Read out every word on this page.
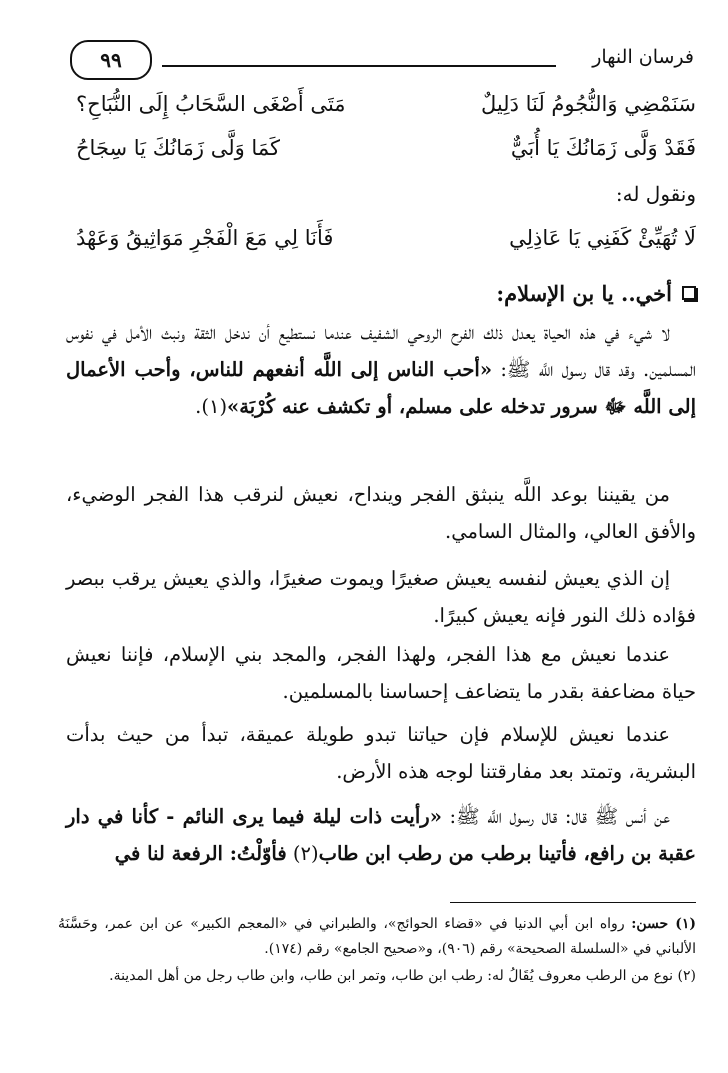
٩٩	فرسان النهار
سَنَمْضِي وَالنُّجُومُ لَنَا دَلِيلٌ
مَتَى أَصْغَى السَّحَابُ إِلَى النُّبَاحِ؟
فَقَدْ وَلَّى زَمَانُكَ يَا أُبَيٌّ
كَمَا وَلَّى زَمَانُكَ يَا سِجَاحُ
ونقول له:
لَا تُهَيِّئْ كَفَنِي يَا عَاذِلِي
فَأَنَا لِي مَعَ الْفَجْرِ مَوَاثِيقُ وَعَهْدُ
أخي.. يا بن الإسلام:

لا شيء في هذه الحياة يعدل ذلك الفرح الروحي الشفيف عندما نستطيع أن ندخل الثقة ونبث الأمل في نفوس المسلمين. وقد قال رسول اللَّه ﷺ: «أحب الناس إلى اللَّه أنفعهم للناس، وأحب الأعمال إلى اللَّه ﷻ سرور تدخله على مسلم، أو تكشف عنه كُرْبَة»(١).

من يقيننا بوعد اللَّه ينبثق الفجر وينداح، نعيش لنرقب هذا الفجر الوضيء، والأفق العالي، والمثال السامي.

إن الذي يعيش لنفسه يعيش صغيرًا ويموت صغيرًا، والذي يعيش يرقب ببصر فؤاده ذلك النور فإنه يعيش كبيرًا.

عندما نعيش مع هذا الفجر، ولهذا الفجر، والمجد بني الإسلام، فإننا نعيش حياة مضاعفة بقدر ما يتضاعف إحساسنا بالمسلمين.

عندما نعيش للإسلام فإن حياتنا تبدو طويلة عميقة، تبدأ من حيث بدأت البشرية، وتمتد بعد مفارقتنا لوجه هذه الأرض.

عن أنس ﷺ قال: قال رسول اللَّه ﷺ: «رأيت ذات ليلة فيما يرى النائم - كأنا في دار عقبة بن رافع، فأتينا برطب من رطب ابن طاب(٢) فأوّلْتُ: الرفعة لنا في

(١) حسن: رواه ابن أبي الدنيا في «قضاء الحوائج»، والطبراني في «المعجم الكبير» عن ابن عمر، وحَسَّنَهُ الألباني في «السلسلة الصحيحة» رقم (٩٠٦)، و«صحيح الجامع» رقم (١٧٤).

(٢) نوع من الرطب معروف يُقَالُ له: رطب ابن طاب، وتمر ابن طاب، وابن طاب رجل من أهل المدينة.
